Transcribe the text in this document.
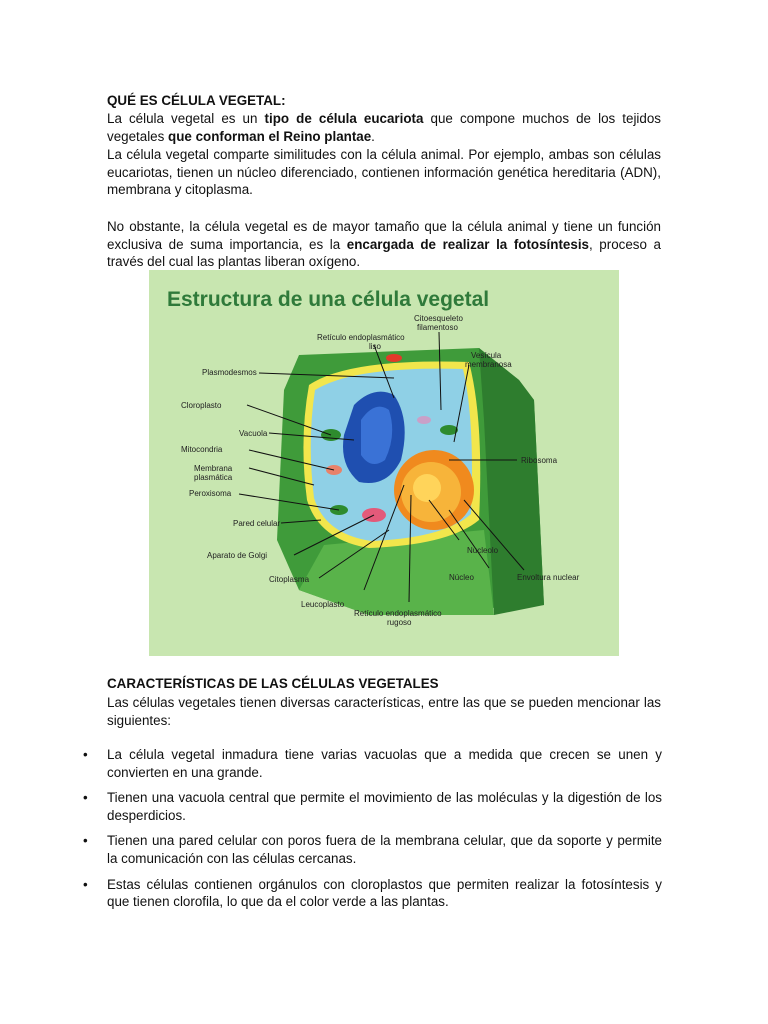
QUÉ ES CÉLULA VEGETAL:
La célula vegetal es un tipo de célula eucariota que compone muchos de los tejidos vegetales que conforman el Reino plantae.
La célula vegetal comparte similitudes con la célula animal. Por ejemplo, ambas son células eucariotas, tienen un núcleo diferenciado, contienen información genética hereditaria (ADN), membrana y citoplasma.
No obstante, la célula vegetal es de mayor tamaño que la célula animal y tiene un función exclusiva de suma importancia, es la encargada de realizar la fotosíntesis, proceso a través del cual las plantas liberan oxígeno.
Estructura de una célula vegetal
Citoesqueleto
filamentoso
Retículo endoplasmático
liso
Vesícula
membranosa
Plasmodesmos
Cloroplasto
Vacuola
Mitocondria
Membrana
plasmática
Peroxisoma
Pared celular
Aparato de Golgi
Citoplasma
Leucoplasto
Retículo endoplasmático
rugoso
Núcleo
Nucleolo
Envoltura nuclear
Ribosoma
CARACTERÍSTICAS DE LAS CÉLULAS VEGETALES
Las células vegetales tienen diversas características, entre las que se pueden mencionar las siguientes:
• La célula vegetal inmadura tiene varias vacuolas que a medida que crecen se unen y convierten en una grande.
• Tienen una vacuola central que permite el movimiento de las moléculas y la digestión de los desperdicios.
• Tienen una pared celular con poros fuera de la membrana celular, que da soporte y permite la comunicación con las células cercanas.
• Estas células contienen orgánulos con cloroplastos que permiten realizar la fotosíntesis y que tienen clorofila, lo que da el color verde a las plantas.
